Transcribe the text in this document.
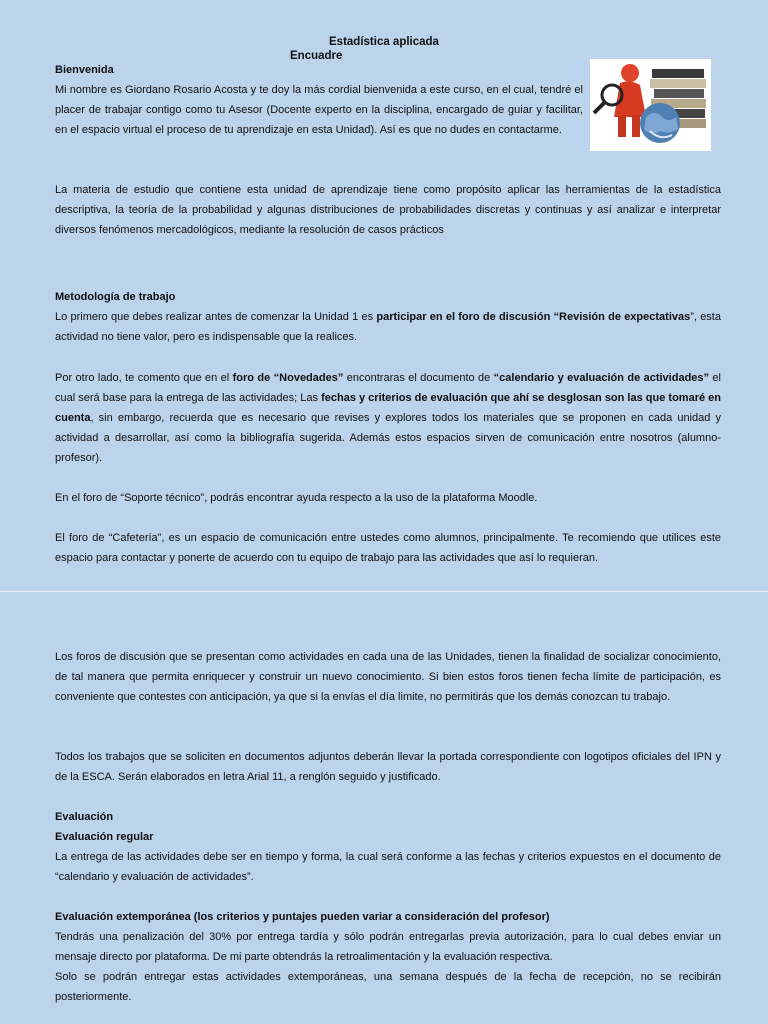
Estadística aplicada
Encuadre
Bienvenida
Mi nombre es Giordano Rosario Acosta y te doy la más cordial bienvenida a este curso, en el cual, tendré el placer de trabajar contigo como tu Asesor (Docente experto en la disciplina, encargado de guiar y facilitar, en el espacio virtual el proceso de tu aprendizaje en esta Unidad). Así es que no dudes en contactarme.
La materia de estudio que contiene esta unidad de aprendizaje tiene como propósito aplicar las herramientas de la estadística descriptiva, la teoría de la probabilidad y algunas distribuciones de probabilidades discretas y continuas y así analizar e interpretar diversos fenómenos mercadológicos, mediante la resolución de casos prácticos
Metodología de trabajo
Lo primero que debes realizar antes de comenzar la Unidad 1 es participar en el foro de discusión “Revisión de expectativas”, esta actividad no tiene valor, pero es indispensable que la realices.
Por otro lado, te comento que en el foro de “Novedades” encontraras el documento de “calendario y evaluación de actividades” el cual será base para la entrega de las actividades; Las fechas y criterios de evaluación que ahí se desglosan son las que tomaré en cuenta, sin embargo, recuerda que es necesario que revises y explores todos los materiales que se proponen en cada unidad y actividad a desarrollar, así como la bibliografía sugerida. Además estos espacios sirven de comunicación entre nosotros (alumno-profesor).
En el foro de “Soporte técnico”, podrás encontrar ayuda respecto a la uso de la plataforma Moodle.
El foro de “Cafetería”, es un espacio de comunicación entre ustedes como alumnos, principalmente. Te recomiendo que utilices este espacio para contactar y ponerte de acuerdo con tu equipo de trabajo para las actividades que así lo requieran.
Los foros de discusión que se presentan como actividades en cada una de las Unidades, tienen la finalidad de socializar conocimiento, de tal manera que permita enriquecer y construir un nuevo conocimiento. Si bien estos foros tienen fecha límite de participación, es conveniente que contestes con anticipación, ya que si la envías el día limite, no permitirás que los demás conozcan tu trabajo.
Todos los trabajos que se soliciten en documentos adjuntos deberán llevar la portada correspondiente con logotipos oficiales del IPN y de la ESCA. Serán elaborados en letra Arial 11, a renglón seguido y justificado.
Evaluación
Evaluación regular
La entrega de las actividades debe ser en tiempo y forma, la cual será conforme a las fechas y criterios expuestos en el documento de “calendario y evaluación de actividades”.
Evaluación extemporánea (los criterios y puntajes pueden variar a consideración del profesor)
Tendrás una penalización del 30% por entrega tardía y sólo podrán entregarlas previa autorización, para lo cual debes enviar un mensaje directo por plataforma. De mi parte obtendrás la retroalimentación y la evaluación respectiva.
Solo se podrán entregar estas actividades extemporáneas, una semana después de la fecha de recepción, no se recibirán posteriormente.
